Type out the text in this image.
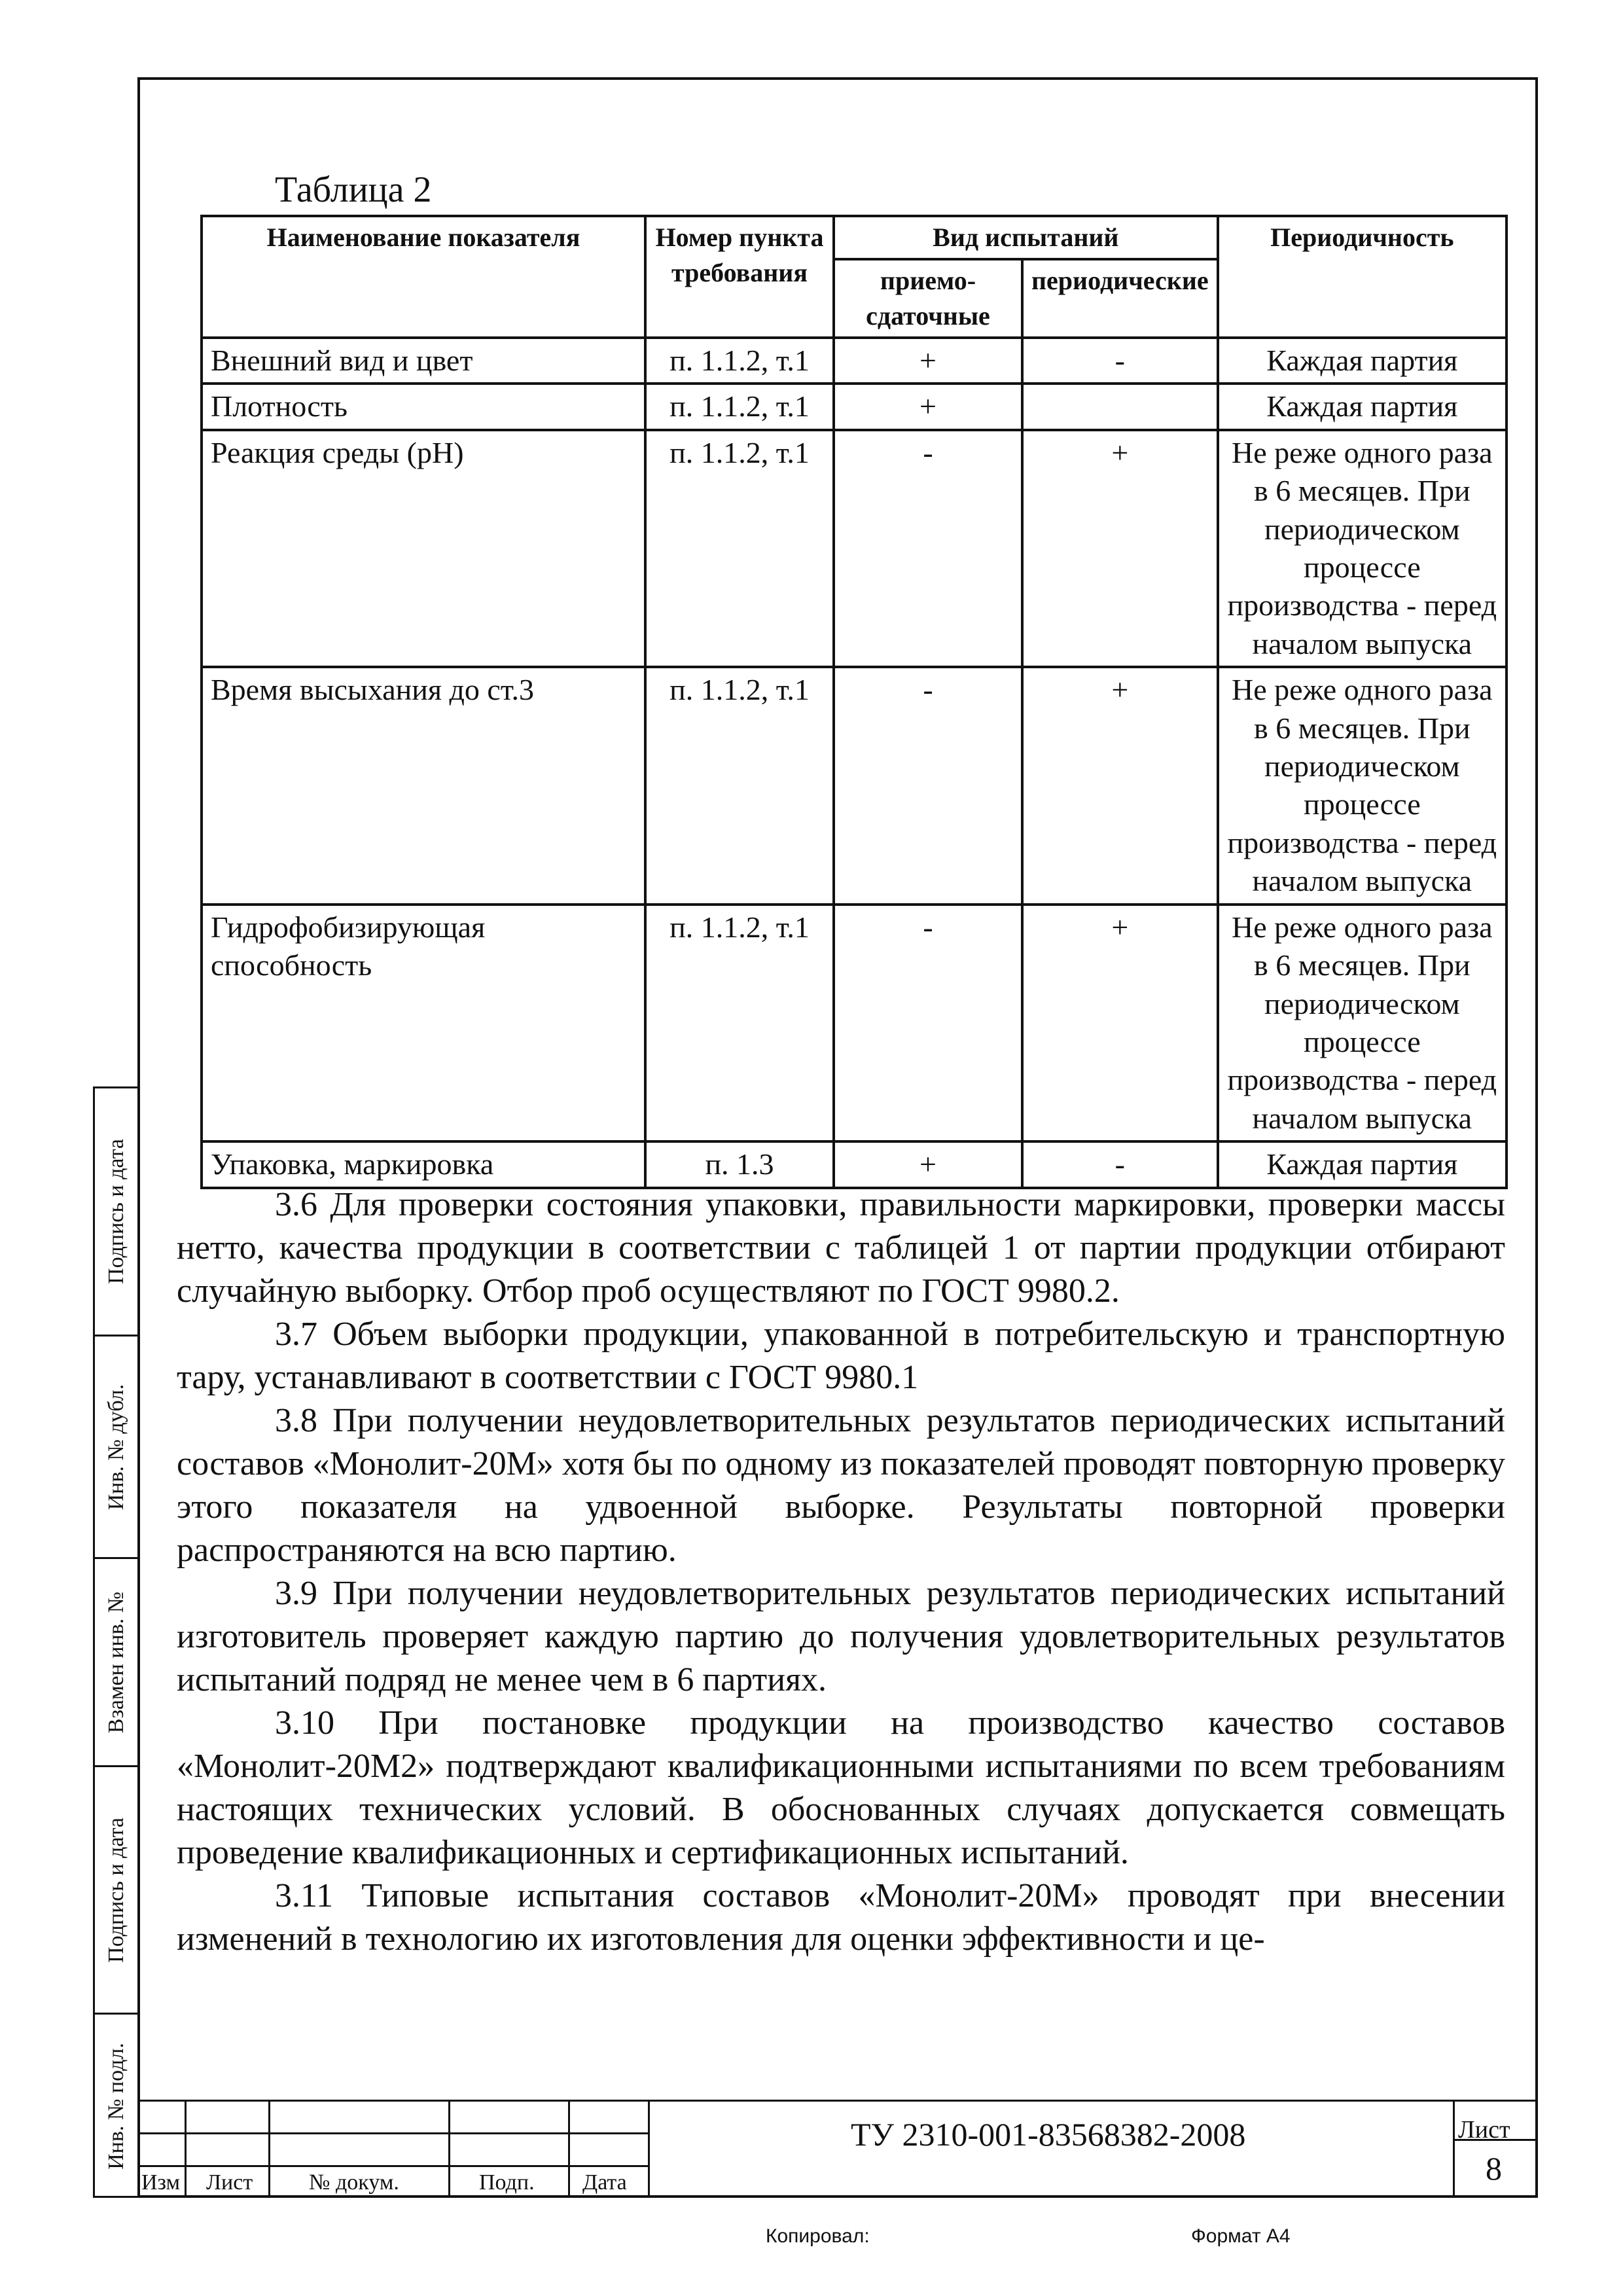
Подпись и дата
Инв. № дубл.
Взамен инв. №
Подпись и дата
Инв. № подл.
Таблица 2
Наименование показателя	Номер пункта требования	Вид испытаний		Периодичность
		приемо-сдаточные	периодические	
Внешний вид и цвет	п. 1.1.2, т.1	+	-	Каждая партия
Плотность	п. 1.1.2, т.1	+		Каждая партия
Реакция среды (рН)	п. 1.1.2, т.1	-	+	Не реже одного раза в 6 месяцев. При периодическом процессе производства - перед началом выпуска
Время высыхания до ст.3	п. 1.1.2, т.1	-	+	Не реже одного раза в 6 месяцев. При периодическом процессе производства - перед началом выпуска
Гидрофобизирующая способность	п. 1.1.2, т.1	-	+	Не реже одного раза в 6 месяцев. При периодическом процессе производства - перед началом выпуска
Упаковка, маркировка	п. 1.3	+	-	Каждая партия

3.6 Для проверки состояния упаковки, правильности маркировки, проверки массы нетто, качества продукции в соответствии с таблицей 1 от партии продукции отбирают случайную выборку. Отбор проб осуществляют по ГОСТ 9980.2.

3.7 Объем выборки продукции, упакованной в потребительскую и транспортную тару, устанавливают в соответствии с ГОСТ 9980.1

3.8 При получении неудовлетворительных результатов периодических испытаний составов «Монолит-20М» хотя бы по одному из показателей проводят повторную проверку этого показателя на удвоенной выборке. Результаты повторной проверки распространяются на всю партию.

3.9 При получении неудовлетворительных результатов периодических испытаний изготовитель проверяет каждую партию до получения удовлетворительных результатов испытаний подряд не менее чем в 6 партиях.

3.10 При постановке продукции на производство качество составов «Монолит-20М2» подтверждают квалификационными испытаниями по всем требованиям настоящих технических условий. В обоснованных случаях допускается совмещать проведение квалификационных и сертификационных испытаний.

3.11 Типовые испытания составов «Монолит-20М» проводят при внесении изменений в технологию их изготовления для оценки эффективности и це-

Изм Лист	№ докум.	Подп. Дата
ТУ 2310-001-83568382-2008	Лист
8
Копировал:	Формат А4
